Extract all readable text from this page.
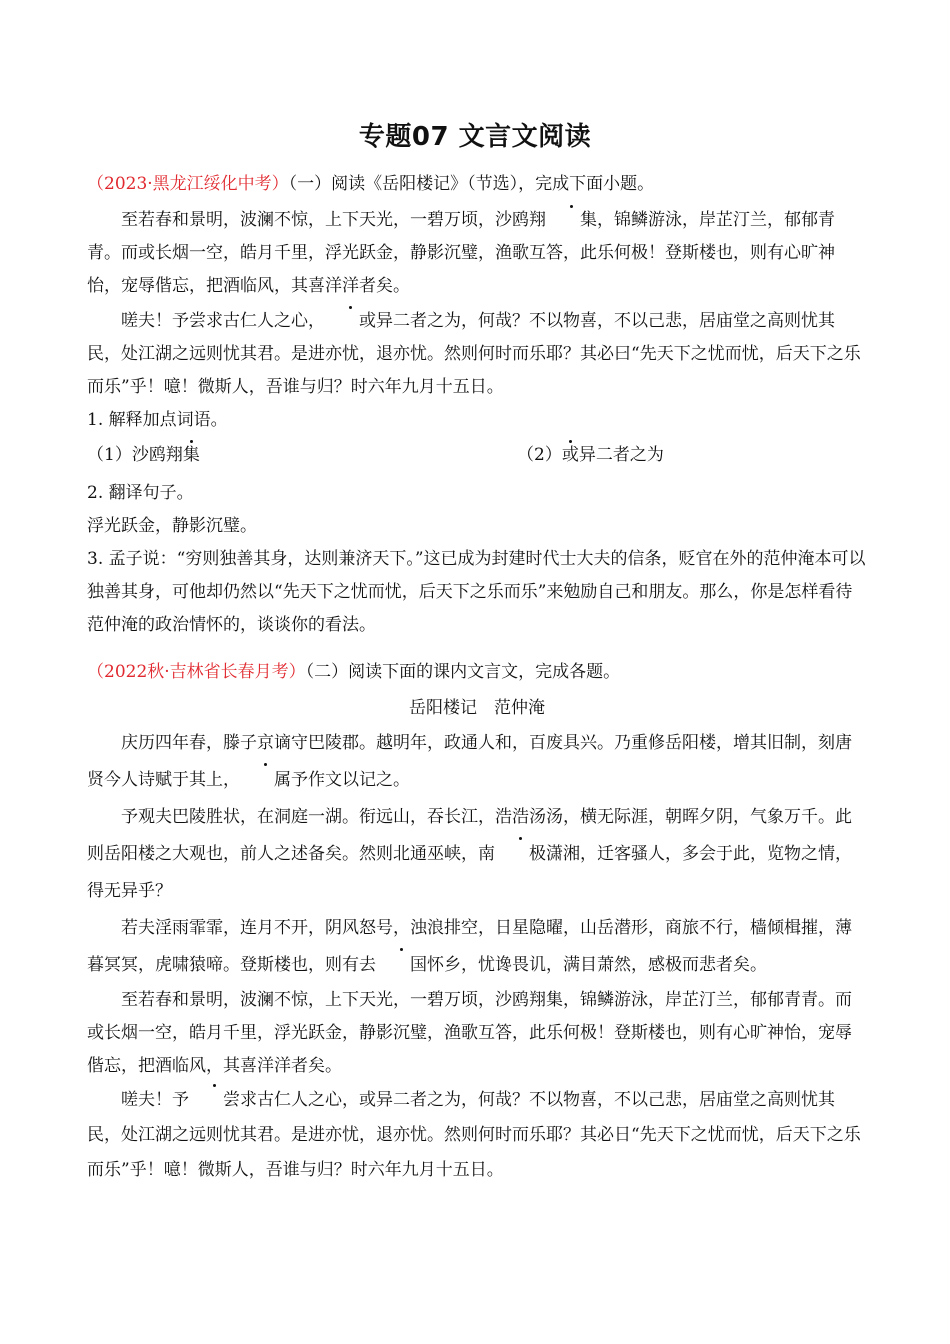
专题07 文言文阅读
（2023·黑龙江绥化中考）（一）阅读《岳阳楼记》（节选），完成下面小题。
至若春和景明，波澜不惊，上下天光，一碧万顷，沙鸥翔 集，锦鳞游泳，岸芷汀兰，郁郁青青。而或长烟一空，皓月千里，浮光跃金，静影沉璧，渔歌互答，此乐何极！登斯楼也，则有心旷神怡，宠辱偕忘，把酒临风，其喜洋洋者矣。
嗟夫！予尝求古仁人之心， 或异二者之为，何哉？不以物喜，不以己悲，居庙堂之高则忧其民，处江湖之远则忧其君。是进亦忧，退亦忧。然则何时而乐耶？其必曰“先天下之忧而忧，后天下之乐而乐”乎！噫！微斯人，吾谁与归？时六年九月十五日。
1. 解释加点词语。
（1）沙鸥翔集	（2）或异二者之为
2. 翻译句子。
浮光跃金，静影沉璧。
3. 孟子说：“穷则独善其身，达则兼济天下。”这已成为封建时代士大夫的信条，贬官在外的范仲淹本可以独善其身，可他却仍然以“先天下之忧而忧，后天下之乐而乐”来勉励自己和朋友。那么，你是怎样看待范仲淹的政治情怀的，谈谈你的看法。
（2022秋·吉林省长春月考）（二）阅读下面的课内文言文，完成各题。
岳阳楼记　范仲淹
庆历四年春，滕子京谪守巴陵郡。越明年，政通人和，百废具兴。乃重修岳阳楼，增其旧制，刻唐贤今人诗赋于其上， 属予作文以记之。
予观夫巴陵胜状，在洞庭一湖。衔远山，吞长江，浩浩汤汤，横无际涯，朝晖夕阴，气象万千。此则岳阳楼之大观也，前人之述备矣。然则北通巫峡，南 极潇湘，迁客骚人，多会于此，览物之情，得无异乎？
若夫淫雨霏霏，连月不开，阴风怒号，浊浪排空，日星隐曜，山岳潜形，商旅不行，樯倾楫摧，薄暮冥冥，虎啸猿啼。登斯楼也，则有去 国怀乡，忧谗畏讥，满目萧然，感极而悲者矣。
至若春和景明，波澜不惊，上下天光，一碧万顷，沙鸥翔集，锦鳞游泳，岸芷汀兰，郁郁青青。而或长烟一空，皓月千里，浮光跃金，静影沉璧，渔歌互答，此乐何极！登斯楼也，则有心旷神怡，宠辱偕忘，把酒临风，其喜洋洋者矣。
嗟夫！予 尝求古仁人之心，或异二者之为，何哉？不以物喜，不以己悲，居庙堂之高则忧其民，处江湖之远则忧其君。是进亦忧，退亦忧。然则何时而乐耶？其必日“先天下之忧而忧，后天下之乐而乐”乎！噫！微斯人，吾谁与归？时六年九月十五日。
